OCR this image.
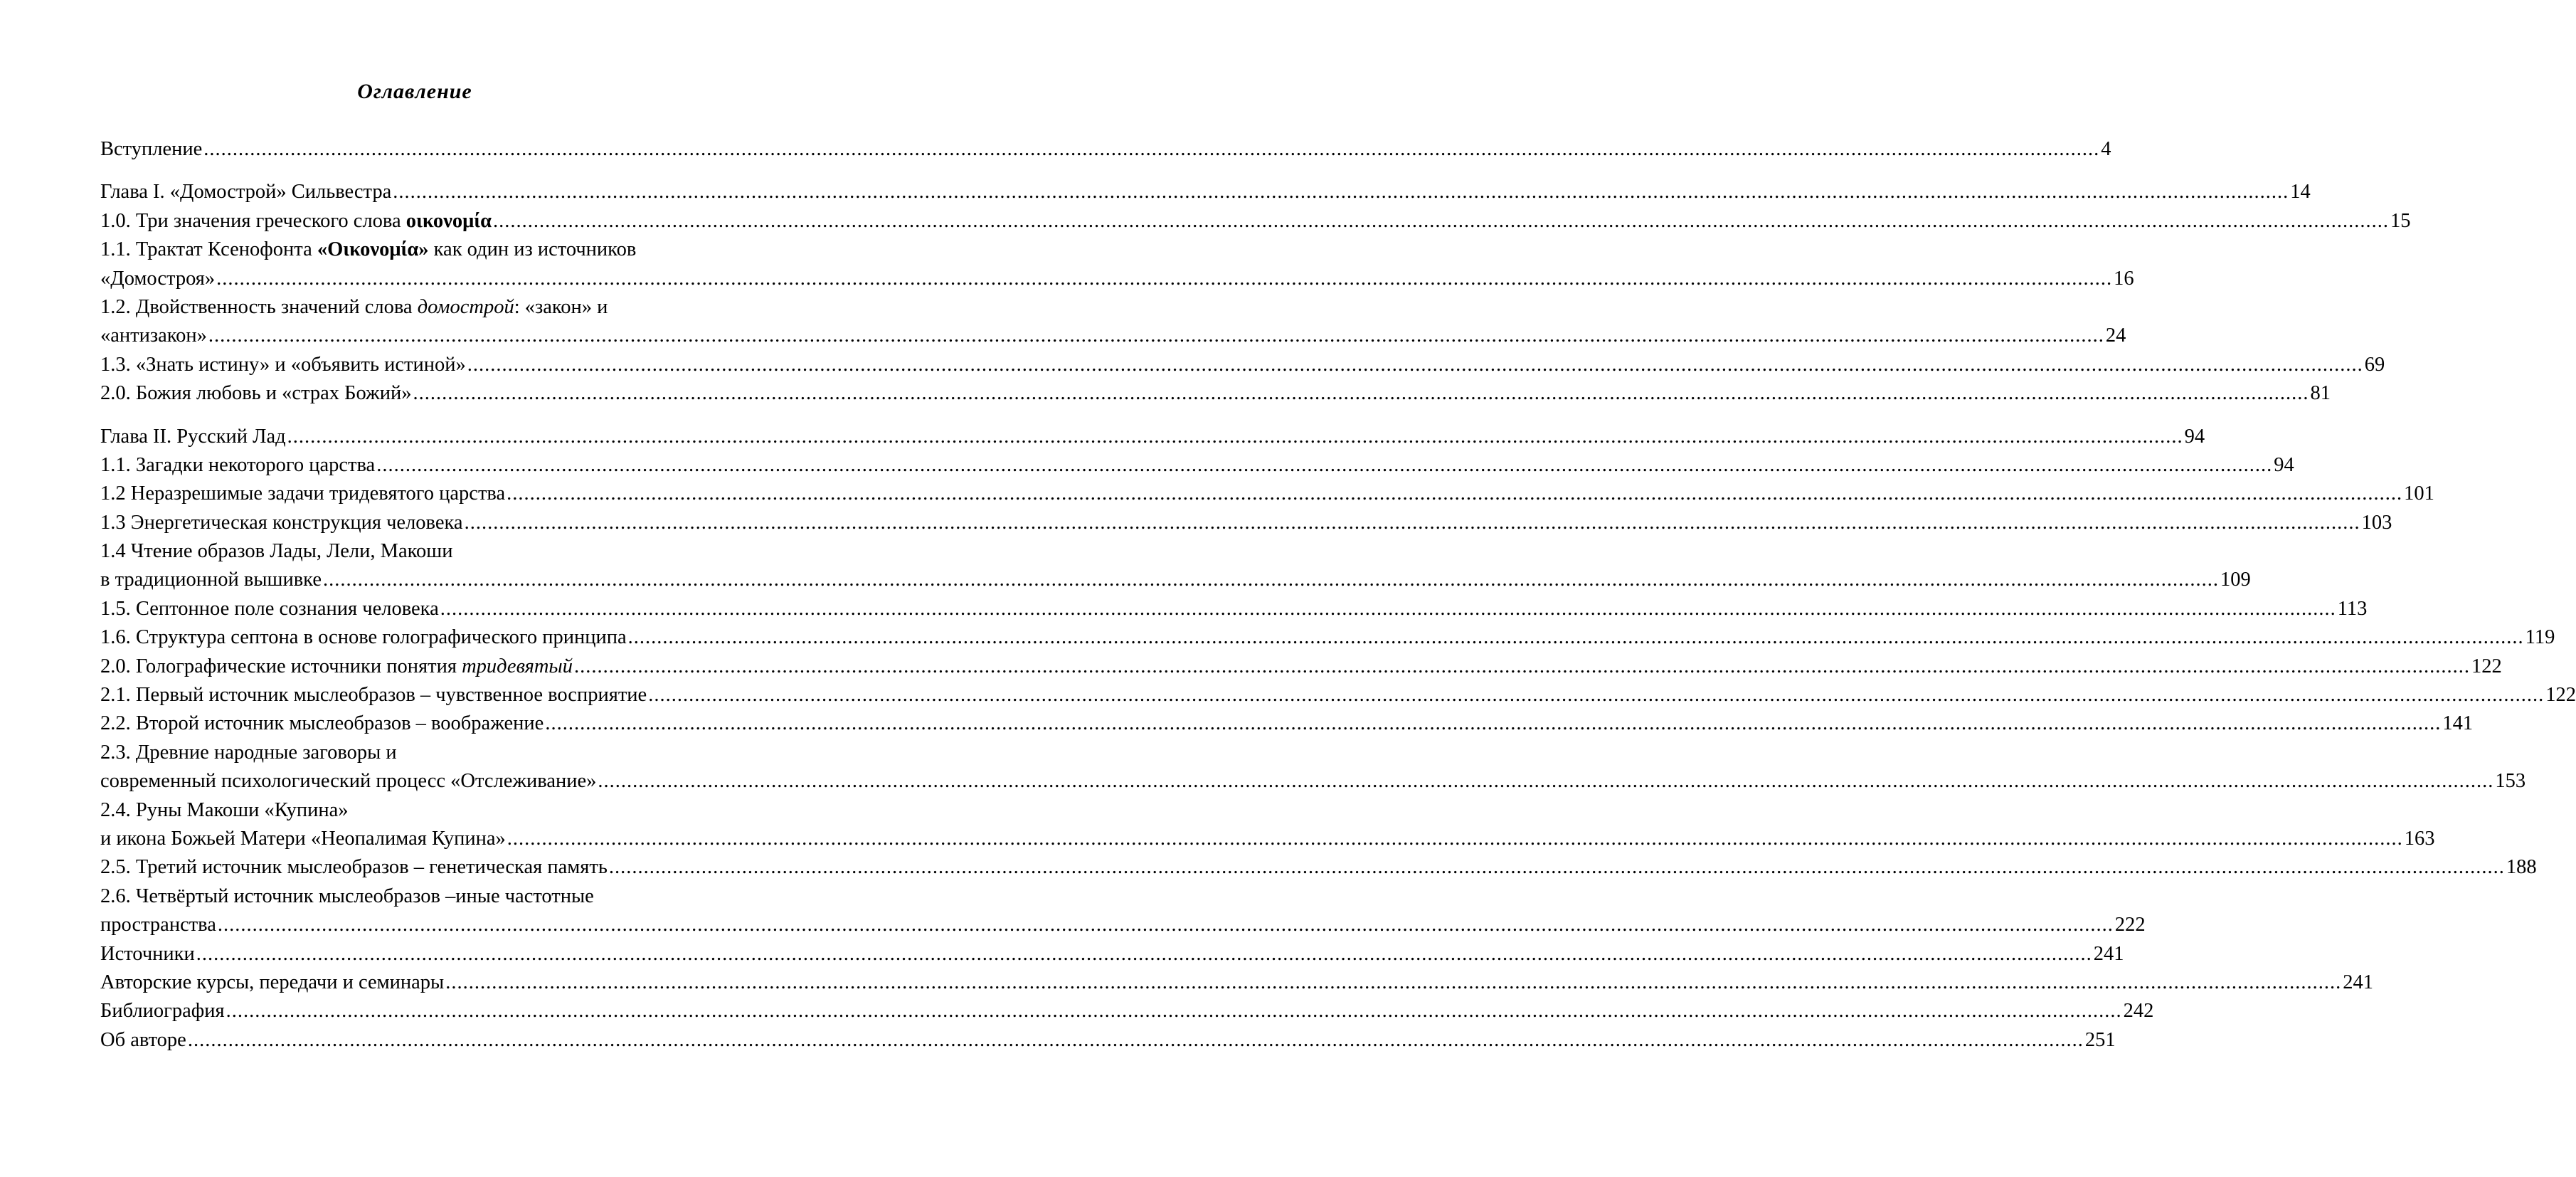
Оглавление
Вступление .....	4
Глава I. «Домострой» Сильвестра .....	14
1.0. Три значения греческого слова οικονομία .....	15
1.1. Трактат Ксенофонта «Οικονομία» как один из источников
«Домостроя» .....	16
1.2. Двойственность значений слова домострой: «закон» и
«антизакон» .....	24
1.3. «Знать истину» и «объявить истиной» .....	69
2.0. Божия любовь и «страх Божий» .....	81
Глава II. Русский Лад .....	94
1.1. Загадки некоторого царства .....	94
1.2 Неразрешимые задачи тридевятого царства .....	101
1.3 Энергетическая конструкция человека .....	103
1.4 Чтение образов Лады, Лели, Макоши
в традиционной вышивке .....	109
1.5. Септонное поле сознания человека .....	113
1.6. Структура септона в основе голографического принципа .....	119
2.0. Голографические источники понятия тридевятый .....	122
2.1. Первый источник мыслеобразов – чувственное восприятие .....	122
2.2. Второй источник мыслеобразов – воображение .....	141
2.3. Древние народные заговоры и
современный психологический процесс «Отслеживание» .....	153
2.4. Руны Макоши «Купина»
и икона Божьей Матери «Неопалимая Купина» .....	163
2.5. Третий источник мыслеобразов – генетическая память .....	188
2.6. Четвёртый источник мыслеобразов –иные частотные
пространства .....	222
Источники .....	241
Авторские курсы, передачи и семинары .....	241
Библиография .....	242
Об авторе .....	251
